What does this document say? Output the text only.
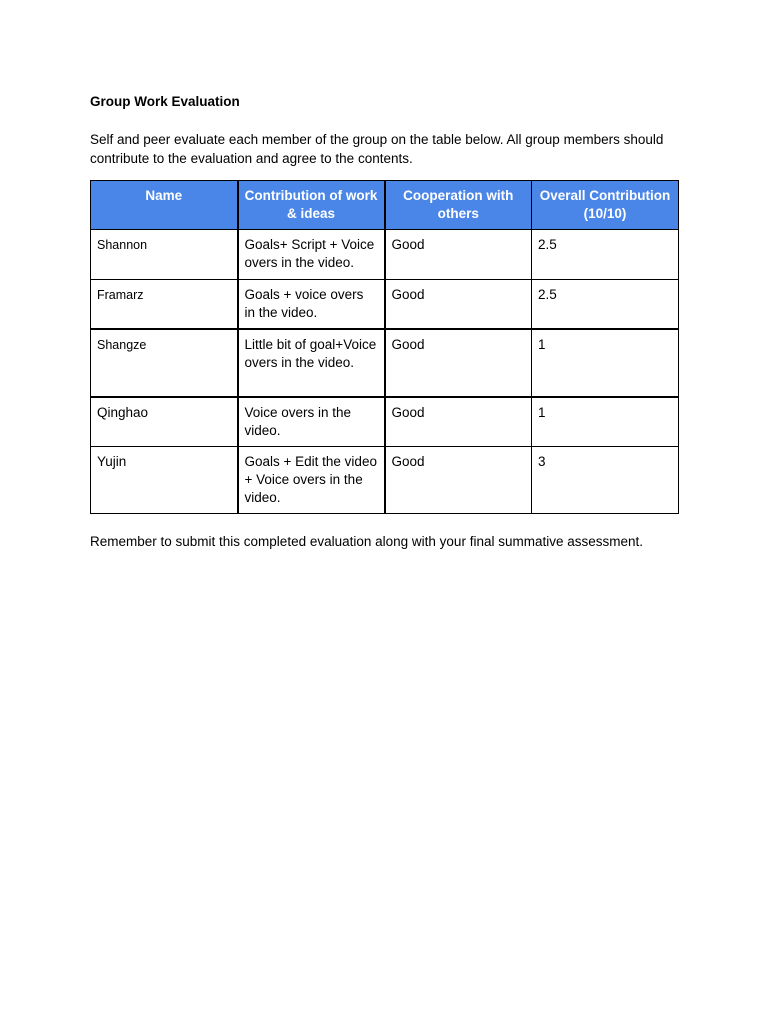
Group Work Evaluation

Self and peer evaluate each member of the group on the table below. All group members should contribute to the evaluation and agree to the contents.

Name	Contribution of work & ideas	Cooperation with others	Overall Contribution (10/10)
Shannon	Goals+ Script + Voice overs in the video.	Good	2.5
Framarz	Goals + voice overs in the video.	Good	2.5
Shangze	Little bit of goal+Voice overs in the video.	Good	1
Qinghao	Voice overs in the video.	Good	1
Yujin	Goals + Edit the video + Voice overs in the video.	Good	3

Remember to submit this completed evaluation along with your final summative assessment.
